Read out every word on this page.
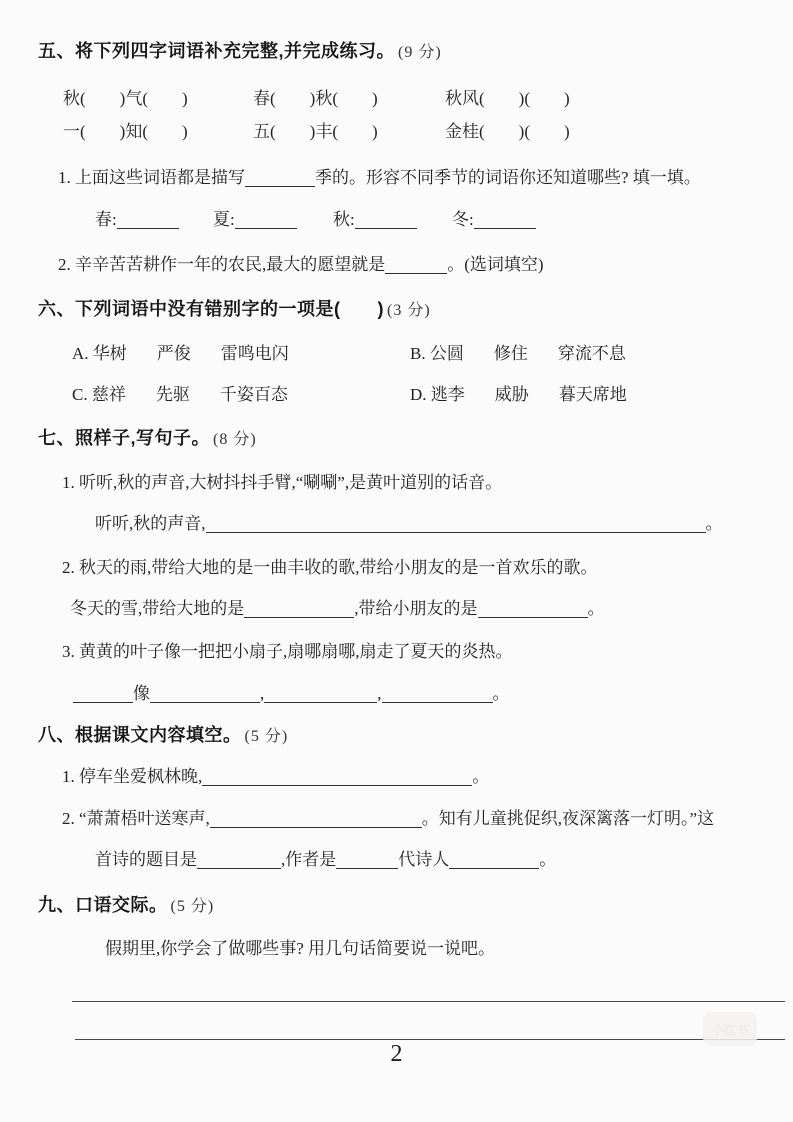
五、将下列四字词语补充完整,并完成练习。 (9 分)
秋(　　)气(　　)	春(　　)秋(　　)	秋风(　　)(　　)
一(　　)知(　　)	五(　　)丰(　　)	金桂(　　)(　　)
1. 上面这些词语都是描写	季的。形容不同季节的词语你还知道哪些? 填一填。
春:	夏:	秋:	冬:
2. 辛辛苦苦耕作一年的农民,最大的愿望就是	。(选词填空)
六、下列词语中没有错别字的一项是(　　) (3 分)
A. 华树 严俊 雷鸣电闪	B. 公圆 修住 穿流不息
C. 慈祥 先驱 千姿百态	D. 逃李 威胁 暮天席地
七、照样子,写句子。 (8 分)
1. 听听,秋的声音,大树抖抖手臂,“唰唰”,是黄叶道别的话音。
听听,秋的声音,	。
2. 秋天的雨,带给大地的是一曲丰收的歌,带给小朋友的是一首欢乐的歌。
冬天的雪,带给大地的是	,带给小朋友的是	。
3. 黄黄的叶子像一把把小扇子,扇哪扇哪,扇走了夏天的炎热。
像	,	,	。
八、根据课文内容填空。 (5 分)
1. 停车坐爱枫林晚,	。
2. “萧萧梧叶送寒声,	。知有儿童挑促织,夜深篱落一灯明。”这
首诗的题目是	,作者是	代诗人	。
九、口语交际。 (5 分)
假期里,你学会了做哪些事? 用几句话简要说一说吧。
2
小红书
